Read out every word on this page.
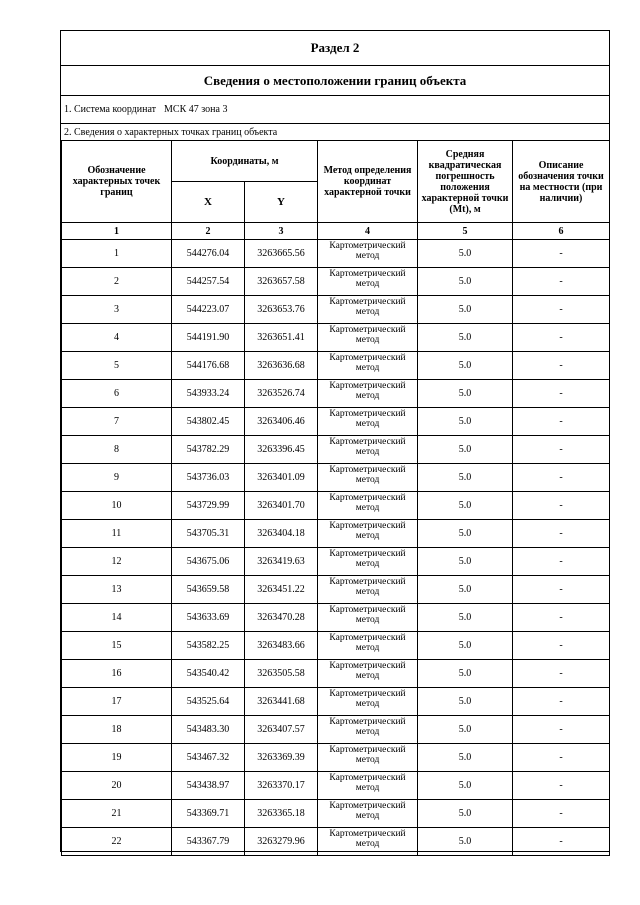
Раздел 2
Сведения о местоположении границ объекта
1. Система координат МСК 47 зона 3
2. Сведения о характерных точках границ объекта
Обозначение характерных точек границ	Координаты, м		Метод определения координат характерной точки	Средняя квадратическая погрешность положения характерной точки (Mt), м	Описание обозначения точки на местности (при наличии)
	X	Y			
1	2	3	4	5	6
1	544276.04	3263665.56	Картометрический метод	5.0	-
2	544257.54	3263657.58	Картометрический метод	5.0	-
3	544223.07	3263653.76	Картометрический метод	5.0	-
4	544191.90	3263651.41	Картометрический метод	5.0	-
5	544176.68	3263636.68	Картометрический метод	5.0	-
6	543933.24	3263526.74	Картометрический метод	5.0	-
7	543802.45	3263406.46	Картометрический метод	5.0	-
8	543782.29	3263396.45	Картометрический метод	5.0	-
9	543736.03	3263401.09	Картометрический метод	5.0	-
10	543729.99	3263401.70	Картометрический метод	5.0	-
11	543705.31	3263404.18	Картометрический метод	5.0	-
12	543675.06	3263419.63	Картометрический метод	5.0	-
13	543659.58	3263451.22	Картометрический метод	5.0	-
14	543633.69	3263470.28	Картометрический метод	5.0	-
15	543582.25	3263483.66	Картометрический метод	5.0	-
16	543540.42	3263505.58	Картометрический метод	5.0	-
17	543525.64	3263441.68	Картометрический метод	5.0	-
18	543483.30	3263407.57	Картометрический метод	5.0	-
19	543467.32	3263369.39	Картометрический метод	5.0	-
20	543438.97	3263370.17	Картометрический метод	5.0	-
21	543369.71	3263365.18	Картометрический метод	5.0	-
22	543367.79	3263279.96	Картометрический метод	5.0	-
